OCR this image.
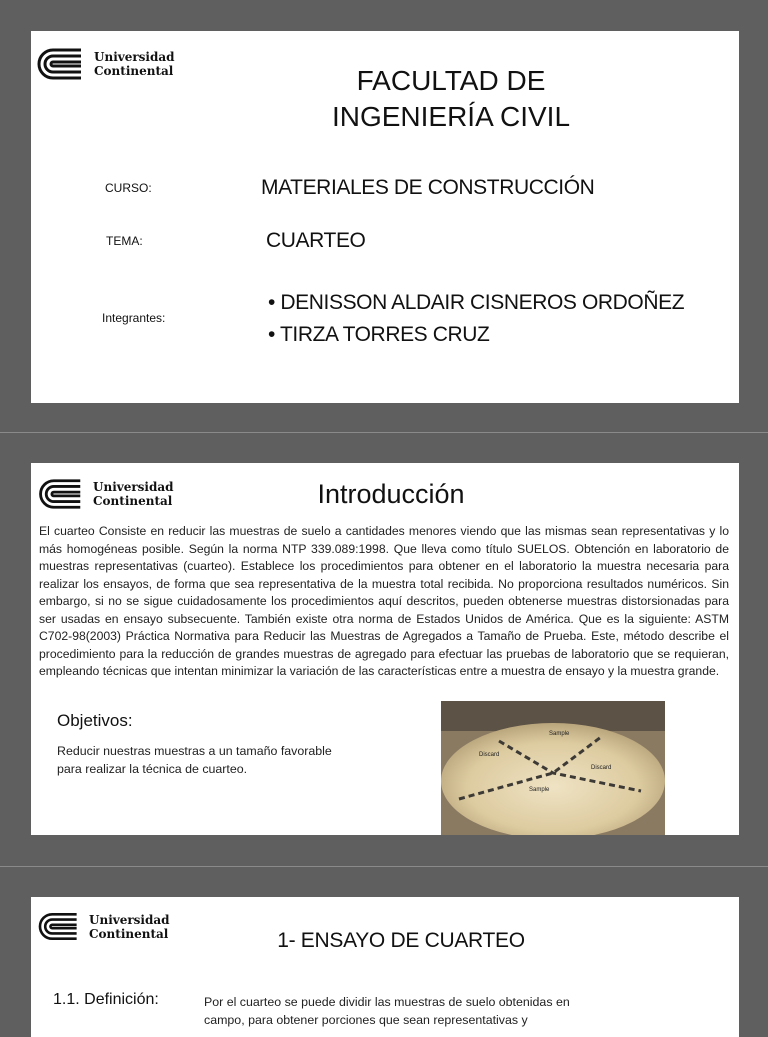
Universidad
Continental	FACULTAD DE
INGENIERÍA CIVIL
CURSO:	MATERIALES DE CONSTRUCCIÓN
TEMA:	CUARTEO
Integrantes:
• DENISSON ALDAIR CISNEROS ORDOÑEZ
• TIRZA TORRES CRUZ
Universidad
Continental	Introducción

El cuarteo Consiste en reducir las muestras de suelo a cantidades menores viendo que las mismas sean representativas y lo más homogéneas posible. Según la norma NTP 339.089:1998. Que lleva como título SUELOS. Obtención en laboratorio de muestras representativas (cuarteo). Establece los procedimientos para obtener en el laboratorio la muestra necesaria para realizar los ensayos, de forma que sea representativa de la muestra total recibida. No proporciona resultados numéricos. Sin embargo, si no se sigue cuidadosamente los procedimientos aquí descritos, pueden obtenerse muestras distorsionadas para ser usadas en ensayo subsecuente. También existe otra norma de Estados Unidos de América. Que es la siguiente: ASTM C702-98(2003) Práctica Normativa para Reducir las Muestras de Agregados a Tamaño de Prueba. Este, método describe el procedimiento para la reducción de grandes muestras de agregado para efectuar las pruebas de laboratorio que se requieran, empleando técnicas que intentan minimizar la variación de las características entre a muestra de ensayo y la muestra grande.

Objetivos:

Reducir nuestras muestras a un tamaño favorable para realizar la técnica de cuarteo.

Sample
Discard
Discard
Sample
Universidad
Continental	1- ENSAYO DE CUARTEO
1.1. Definición:	Por el cuarteo se puede dividir las muestras de suelo obtenidas en campo, para obtener porciones que sean representativas y
